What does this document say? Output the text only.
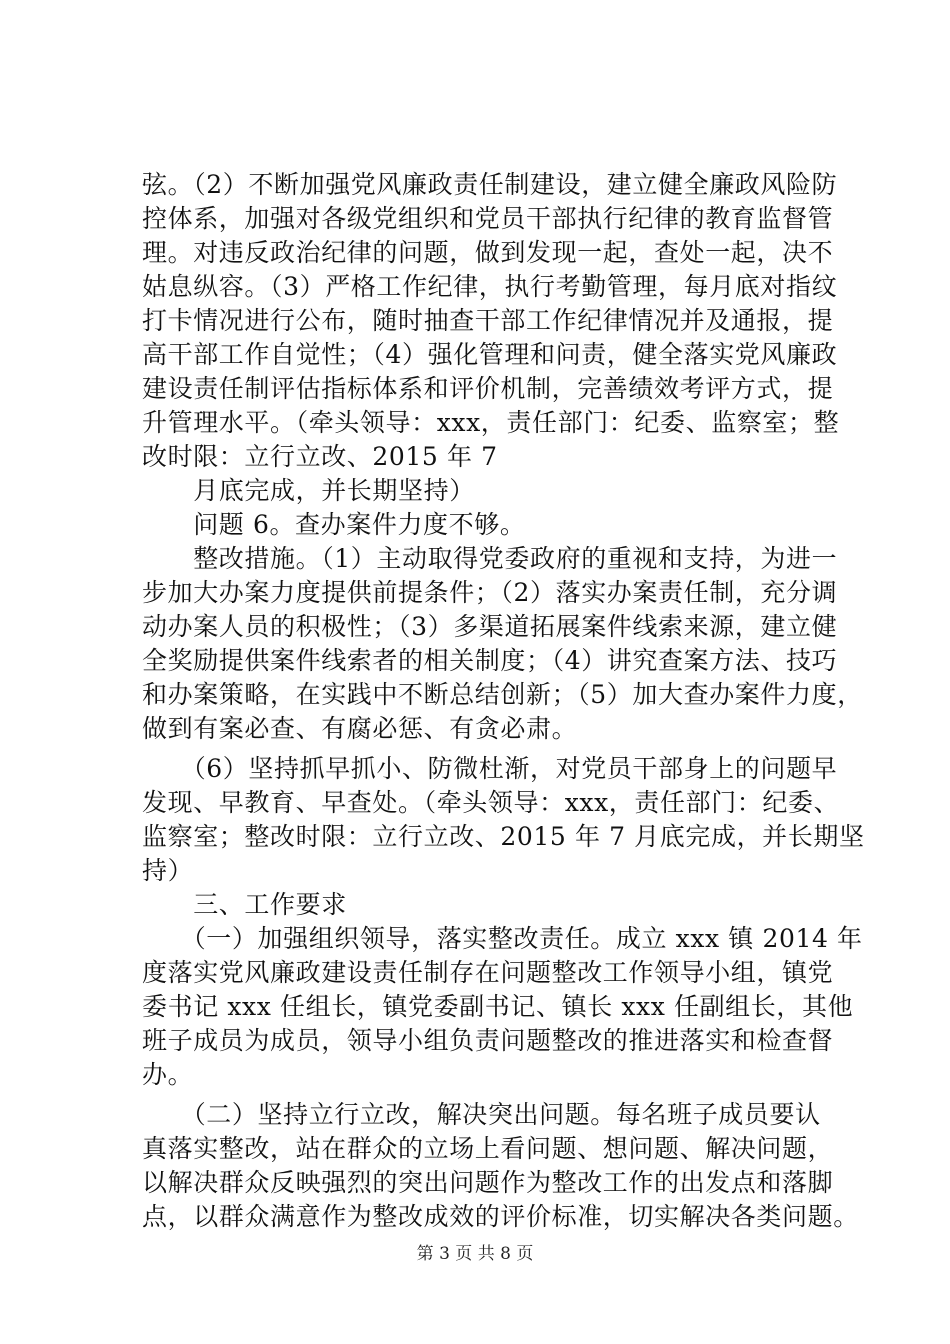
弦。（2）不断加强党风廉政责任制建设，建立健全廉政风险防
控体系，加强对各级党组织和党员干部执行纪律的教育监督管
理。对违反政治纪律的问题，做到发现一起，查处一起，决不
姑息纵容。（3）严格工作纪律，执行考勤管理，每月底对指纹
打卡情况进行公布，随时抽查干部工作纪律情况并及通报，提
高干部工作自觉性；（4）强化管理和问责，健全落实党风廉政
建设责任制评估指标体系和评价机制，完善绩效考评方式，提
升管理水平。（牵头领导：xxx，责任部门：纪委、监察室；整
改时限：立行立改、2015 年 7
　　月底完成，并长期坚持）
　　问题 6。查办案件力度不够。
　　整改措施。（1）主动取得党委政府的重视和支持，为进一
步加大办案力度提供前提条件；（2）落实办案责任制，充分调
动办案人员的积极性；（3）多渠道拓展案件线索来源，建立健
全奖励提供案件线索者的相关制度；（4）讲究查案方法、技巧
和办案策略，在实践中不断总结创新；（5）加大查办案件力度，
做到有案必查、有腐必惩、有贪必肃。
　　（6）坚持抓早抓小、防微杜渐，对党员干部身上的问题早
发现、早教育、早查处。（牵头领导：xxx，责任部门：纪委、
监察室；整改时限：立行立改、2015 年 7 月底完成，并长期坚
持）
　　三、工作要求
　　（一）加强组织领导，落实整改责任。成立 xxx 镇 2014 年
度落实党风廉政建设责任制存在问题整改工作领导小组，镇党
委书记 xxx 任组长，镇党委副书记、镇长 xxx 任副组长，其他
班子成员为成员，领导小组负责问题整改的推进落实和检查督
办。
　　（二）坚持立行立改，解决突出问题。每名班子成员要认
真落实整改，站在群众的立场上看问题、想问题、解决问题，
以解决群众反映强烈的突出问题作为整改工作的出发点和落脚
点，以群众满意作为整改成效的评价标准，切实解决各类问题。
第 3 页 共 8 页
